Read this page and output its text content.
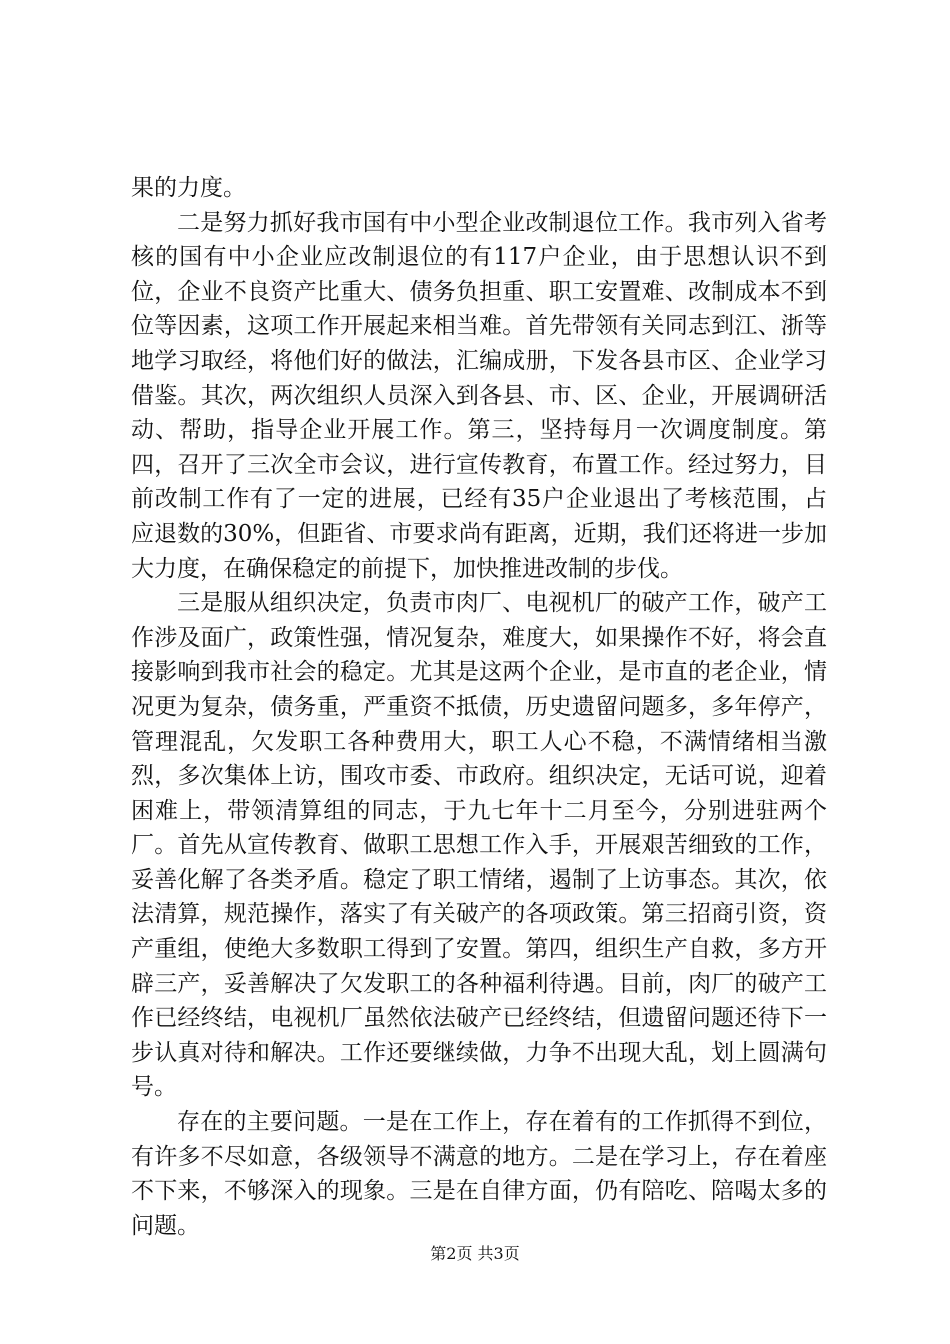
果的力度。

二是努力抓好我市国有中小型企业改制退位工作。我市列入省考核的国有中小企业应改制退位的有117户企业，由于思想认识不到位，企业不良资产比重大、债务负担重、职工安置难、改制成本不到位等因素，这项工作开展起来相当难。首先带领有关同志到江、浙等地学习取经，将他们好的做法，汇编成册，下发各县市区、企业学习借鉴。其次，两次组织人员深入到各县、市、区、企业，开展调研活动、帮助，指导企业开展工作。第三，坚持每月一次调度制度。第四，召开了三次全市会议，进行宣传教育，布置工作。经过努力，目前改制工作有了一定的进展，已经有35户企业退出了考核范围，占应退数的30%，但距省、市要求尚有距离，近期，我们还将进一步加大力度，在确保稳定的前提下，加快推进改制的步伐。

三是服从组织决定，负责市肉厂、电视机厂的破产工作，破产工作涉及面广，政策性强，情况复杂，难度大，如果操作不好，将会直接影响到我市社会的稳定。尤其是这两个企业，是市直的老企业，情况更为复杂，债务重，严重资不抵债，历史遗留问题多，多年停产，管理混乱，欠发职工各种费用大，职工人心不稳，不满情绪相当激烈，多次集体上访，围攻市委、市政府。组织决定，无话可说，迎着困难上，带领清算组的同志，于九七年十二月至今，分别进驻两个厂。首先从宣传教育、做职工思想工作入手，开展艰苦细致的工作，妥善化解了各类矛盾。稳定了职工情绪，遏制了上访事态。其次，依法清算，规范操作，落实了有关破产的各项政策。第三招商引资，资产重组，使绝大多数职工得到了安置。第四，组织生产自救，多方开辟三产，妥善解决了欠发职工的各种福利待遇。目前，肉厂的破产工作已经终结，电视机厂虽然依法破产已经终结，但遗留问题还待下一步认真对待和解决。工作还要继续做，力争不出现大乱，划上圆满句号。

存在的主要问题。一是在工作上，存在着有的工作抓得不到位，有许多不尽如意，各级领导不满意的地方。二是在学习上，存在着座不下来，不够深入的现象。三是在自律方面，仍有陪吃、陪喝太多的问题。

第2页 共3页
